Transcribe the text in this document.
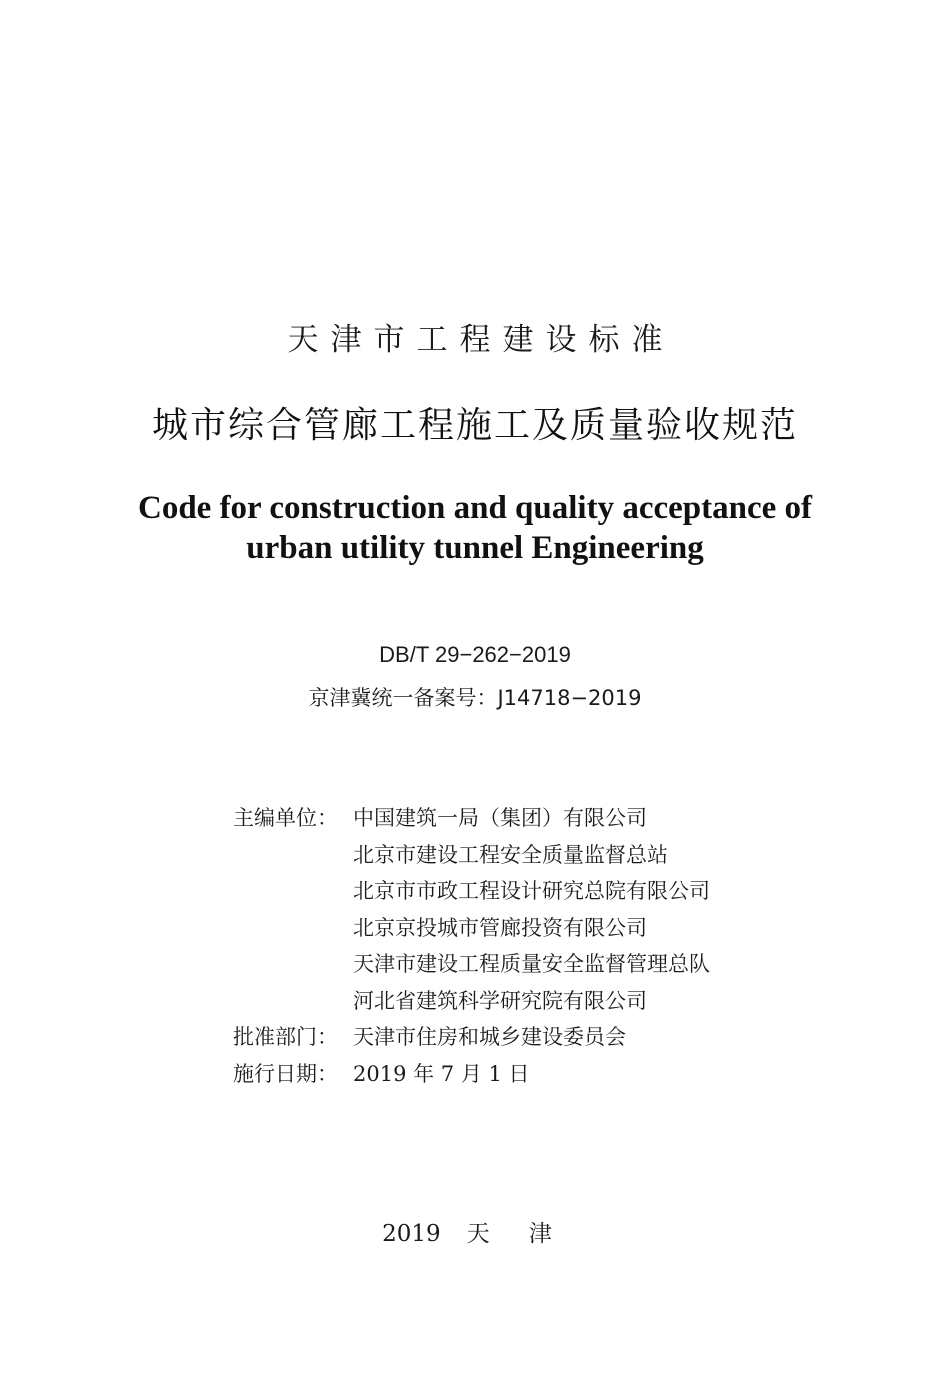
天津市工程建设标准
城市综合管廊工程施工及质量验收规范
Code for construction and quality acceptance of
urban utility tunnel Engineering
DB/T 29−262−2019
京津冀统一备案号：J14718−2019
主编单位： 中国建筑一局（集团）有限公司
北京市建设工程安全质量监督总站
北京市市政工程设计研究总院有限公司
北京京投城市管廊投资有限公司
天津市建设工程质量安全监督管理总队
河北省建筑科学研究院有限公司
批准部门： 天津市住房和城乡建设委员会
施行日期： 2019 年 7 月 1 日
2019 天 津
